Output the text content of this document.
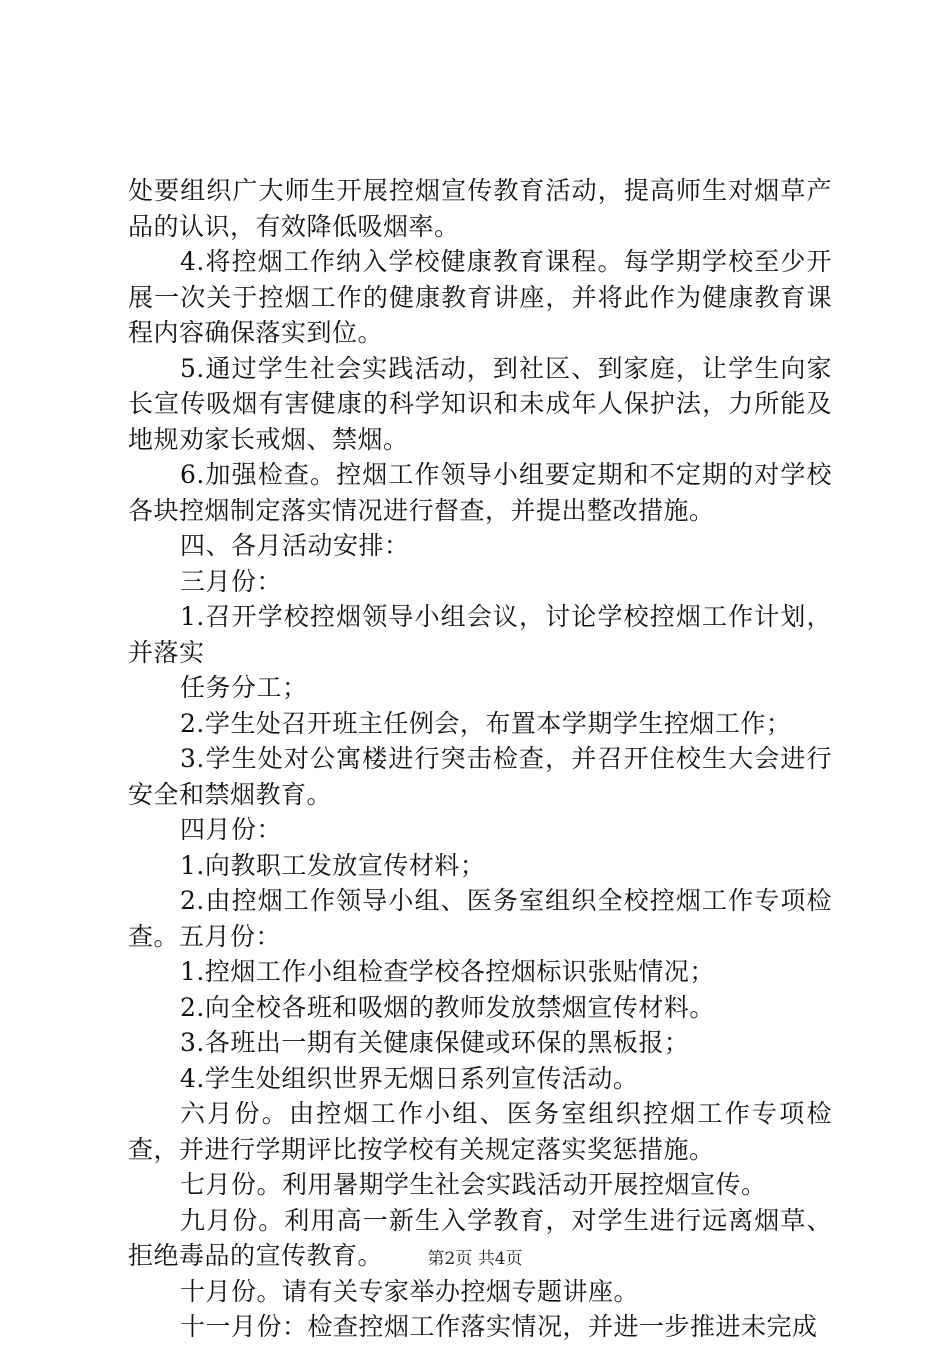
处要组织广大师生开展控烟宣传教育活动，提高师生对烟草产品的认识，有效降低吸烟率。

4.将控烟工作纳入学校健康教育课程。每学期学校至少开展一次关于控烟工作的健康教育讲座，并将此作为健康教育课程内容确保落实到位。

5.通过学生社会实践活动，到社区、到家庭，让学生向家长宣传吸烟有害健康的科学知识和未成年人保护法，力所能及地规劝家长戒烟、禁烟。

6.加强检查。控烟工作领导小组要定期和不定期的对学校各块控烟制定落实情况进行督查，并提出整改措施。

四、各月活动安排：

三月份：

1.召开学校控烟领导小组会议，讨论学校控烟工作计划，并落实

任务分工；

2.学生处召开班主任例会，布置本学期学生控烟工作；

3.学生处对公寓楼进行突击检查，并召开住校生大会进行安全和禁烟教育。

四月份：

1.向教职工发放宣传材料；

2.由控烟工作领导小组、医务室组织全校控烟工作专项检查。五月份：

1.控烟工作小组检查学校各控烟标识张贴情况；

2.向全校各班和吸烟的教师发放禁烟宣传材料。

3.各班出一期有关健康保健或环保的黑板报；

4.学生处组织世界无烟日系列宣传活动。

六月份。由控烟工作小组、医务室组织控烟工作专项检查，并进行学期评比按学校有关规定落实奖惩措施。

七月份。利用暑期学生社会实践活动开展控烟宣传。

九月份。利用高一新生入学教育，对学生进行远离烟草、拒绝毒品的宣传教育。

十月份。请有关专家举办控烟专题讲座。

十一月份：检查控烟工作落实情况，并进一步推进未完成

第2页 共4页
